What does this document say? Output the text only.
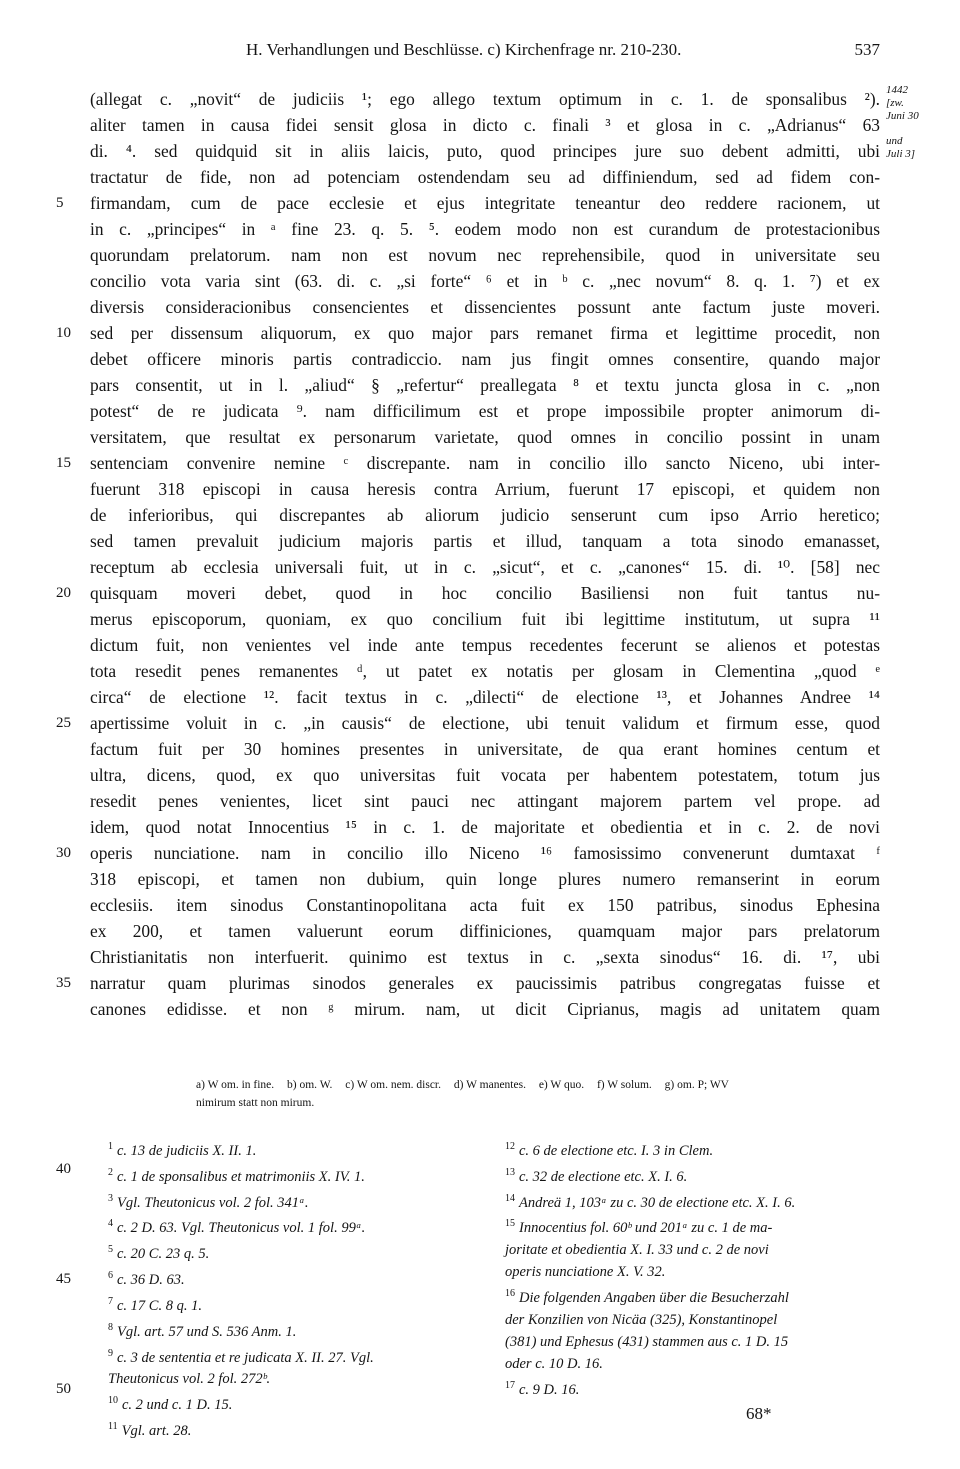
H. Verhandlungen und Beschlüsse. c) Kirchenfrage nr. 210-230.	537
(allegat c. „novit“ de judiciis ¹; ego allego textum optimum in c. 1. de sponsalibus ²).
aliter tamen in causa fidei sensit glosa in dicto c. finali ³ et glosa in c. „Adrianus“ 63
di. ⁴. sed quidquid sit in aliis laicis, puto, quod principes jure suo debent admitti, ubi
tractatur de fide, non ad potenciam ostendendam seu ad diffiniendum, sed ad fidem con-
firmandam, cum de pace ecclesie et ejus integritate teneantur deo reddere racionem, ut
5
in c. „principes“ in ᵃ fine 23. q. 5. ⁵. eodem modo non est curandum de protestacionibus
quorundam prelatorum. nam non est novum nec reprehensibile, quod in universitate seu
concilio vota varia sint (63. di. c. „si forte“ ⁶ et in ᵇ c. „nec novum“ 8. q. 1. ⁷) et ex
diversis consideracionibus consencientes et dissencientes possunt ante factum juste moveri.
sed per dissensum aliquorum, ex quo major pars remanet firma et legittime procedit, non
10
debet officere minoris partis contradiccio. nam jus fingit omnes consentire, quando major
pars consentit, ut in l. „aliud“ § „refertur“ preallegata ⁸ et textu juncta glosa in c. „non
potest“ de re judicata ⁹. nam difficilimum est et prope impossibile propter animorum di-
versitatem, que resultat ex personarum varietate, quod omnes in concilio possint in unam
sentenciam convenire nemine ᶜ discrepante. nam in concilio illo sancto Niceno, ubi inter-
15
fuerunt 318 episcopi in causa heresis contra Arrium, fuerunt 17 episcopi, et quidem non
de inferioribus, qui discrepantes ab aliorum judicio senserunt cum ipso Arrio heretico;
sed tamen prevaluit judicium majoris partis et illud, tanquam a tota sinodo emanasset,
receptum ab ecclesia universali fuit, ut in c. „sicut“, et c. „canones“ 15. di. ¹⁰. [58] nec
quisquam moveri debet, quod in hoc concilio Basiliensi non fuit tantus nu-
20
merus episcoporum, quoniam, ex quo concilium fuit ibi legittime institutum, ut supra ¹¹
dictum fuit, non venientes vel inde ante tempus recedentes fecerunt se alienos et potestas
tota resedit penes remanentes ᵈ, ut patet ex notatis per glosam in Clementina „quod ᵉ
circa“ de electione ¹². facit textus in c. „dilecti“ de electione ¹³, et Johannes Andree ¹⁴
apertissime voluit in c. „in causis“ de electione, ubi tenuit validum et firmum esse, quod
25
factum fuit per 30 homines presentes in universitate, de qua erant homines centum et
ultra, dicens, quod, ex quo universitas fuit vocata per habentem potestatem, totum jus
resedit penes venientes, licet sint pauci nec attingant majorem partem vel prope. ad
idem, quod notat Innocentius ¹⁵ in c. 1. de majoritate et obedientia et in c. 2. de novi
operis nunciatione. nam in concilio illo Niceno ¹⁶ famosissimo convenerunt dumtaxat ᶠ
30
318 episcopi, et tamen non dubium, quin longe plures numero remanserint in eorum
ecclesiis. item sinodus Constantinopolitana acta fuit ex 150 patribus, sinodus Ephesina
ex 200, et tamen valuerunt eorum diffiniciones, quamquam major pars prelatorum
Christianitatis non interfuerit. quinimo est textus in c. „sexta sinodus“ 16. di. ¹⁷, ubi
narratur quam plurimas sinodos generales ex paucissimis patribus congregatas fuisse et
35
canones edidisse. et non ᵍ mirum. nam, ut dicit Ciprianus, magis ad unitatem quam
1442
[zw.
Juni 30
und
Juli 3]
a) W om. in fine. b) om. W. c) W om. nem. discr. d) W manentes. e) W quo. f) W solum. g) om. P; WV
nimirum statt non mirum.
40
45
50
$^1$ c. 13 de judiciis X. II. 1.
$^2$ c. 1 de sponsalibus et matrimoniis X. IV. 1.
$^3$ Vgl. Theutonicus vol. 2 fol. 341ᵃ.
$^4$ c. 2 D. 63. Vgl. Theutonicus vol. 1 fol. 99ᵃ.
$^5$ c. 20 C. 23 q. 5.
$^6$ c. 36 D. 63.
$^7$ c. 17 C. 8 q. 1.
$^8$ Vgl. art. 57 und S. 536 Anm. 1.
$^9$ c. 3 de sententia et re judicata X. II. 27. Vgl.
Theutonicus vol. 2 fol. 272ᵇ.
$^{10}$ c. 2 und c. 1 D. 15.
$^{11}$ Vgl. art. 28.
$^{12}$ c. 6 de electione etc. I. 3 in Clem.
$^{13}$ c. 32 de electione etc. X. I. 6.
$^{14}$ Andreä 1, 103ᵃ zu c. 30 de electione etc. X. I. 6.
$^{15}$ Innocentius fol. 60ᵇ und 201ᵃ zu c. 1 de ma-
joritate et obedientia X. I. 33 und c. 2 de novi
operis nunciatione X. V. 32.
$^{16}$ Die folgenden Angaben über die Besucherzahl
der Konzilien von Nicäa (325), Konstantinopel
(381) und Ephesus (431) stammen aus c. 1 D. 15
oder c. 10 D. 16.
$^{17}$ c. 9 D. 16.
68*
